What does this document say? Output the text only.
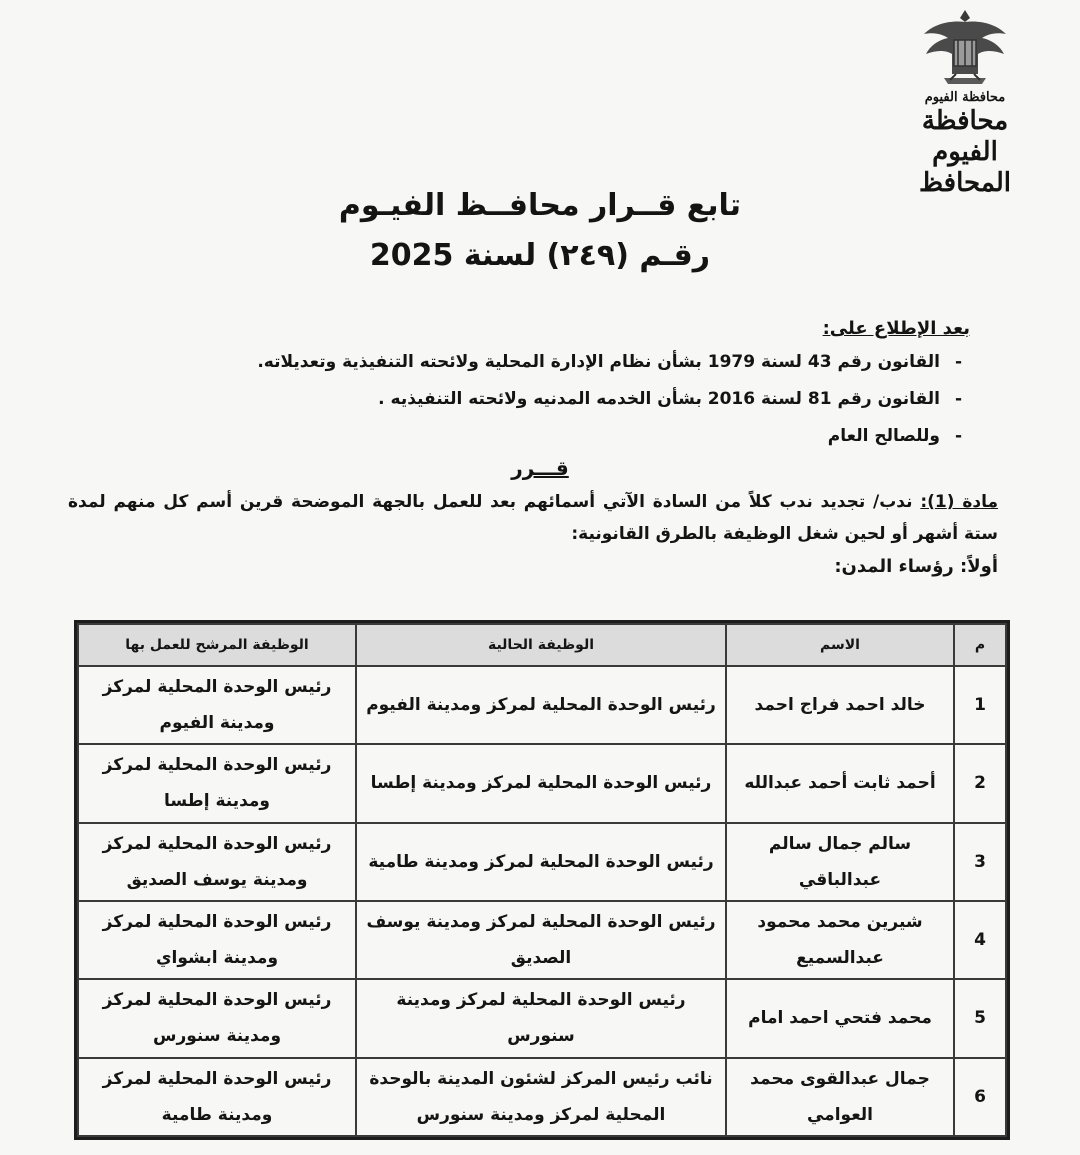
محافظة الفيوم
محافظة الفيوم
المحافظ
تابع قــرار محافــظ الفيـوم
رقـم (٢٤٩) لسنة 2025
بعد الإطلاع على:
-القانون رقم 43 لسنة 1979 بشأن نظام الإدارة المحلية ولائحته التنفيذية وتعديلاته.
-القانون رقم 81 لسنة 2016 بشأن الخدمه المدنيه ولائحته التنفيذيه .
-وللصالح العام
قـــرر
مادة (1): ندب/ تجديد ندب كلاً من السادة الآتي أسمائهم بعد للعمل بالجهة الموضحة قرين أسم كل منهم لمدة ستة أشهر أو لحين شغل الوظيفة بالطرق القانونية:
أولاً: رؤساء المدن:
م	الاسم	الوظيفة الحالية	الوظيفة المرشح للعمل بها
1	خالد احمد فراج احمد	رئيس الوحدة المحلية لمركز ومدينة الفيوم	رئيس الوحدة المحلية لمركز ومدينة الفيوم
2	أحمد ثابت أحمد عبدالله	رئيس الوحدة المحلية لمركز ومدينة إطسا	رئيس الوحدة المحلية لمركز ومدينة إطسا
3	سالم جمال سالم عبدالباقي	رئيس الوحدة المحلية لمركز ومدينة طامية	رئيس الوحدة المحلية لمركز ومدينة يوسف الصديق
4	شيرين محمد محمود عبدالسميع	رئيس الوحدة المحلية لمركز ومدينة يوسف الصديق	رئيس الوحدة المحلية لمركز ومدينة ابشواي
5	محمد فتحي احمد امام	رئيس الوحدة المحلية لمركز ومدينة سنورس	رئيس الوحدة المحلية لمركز ومدينة سنورس
6	جمال عبدالقوى محمد العوامي	نائب رئيس المركز لشئون المدينة بالوحدة المحلية لمركز ومدينة سنورس	رئيس الوحدة المحلية لمركز ومدينة طامية
